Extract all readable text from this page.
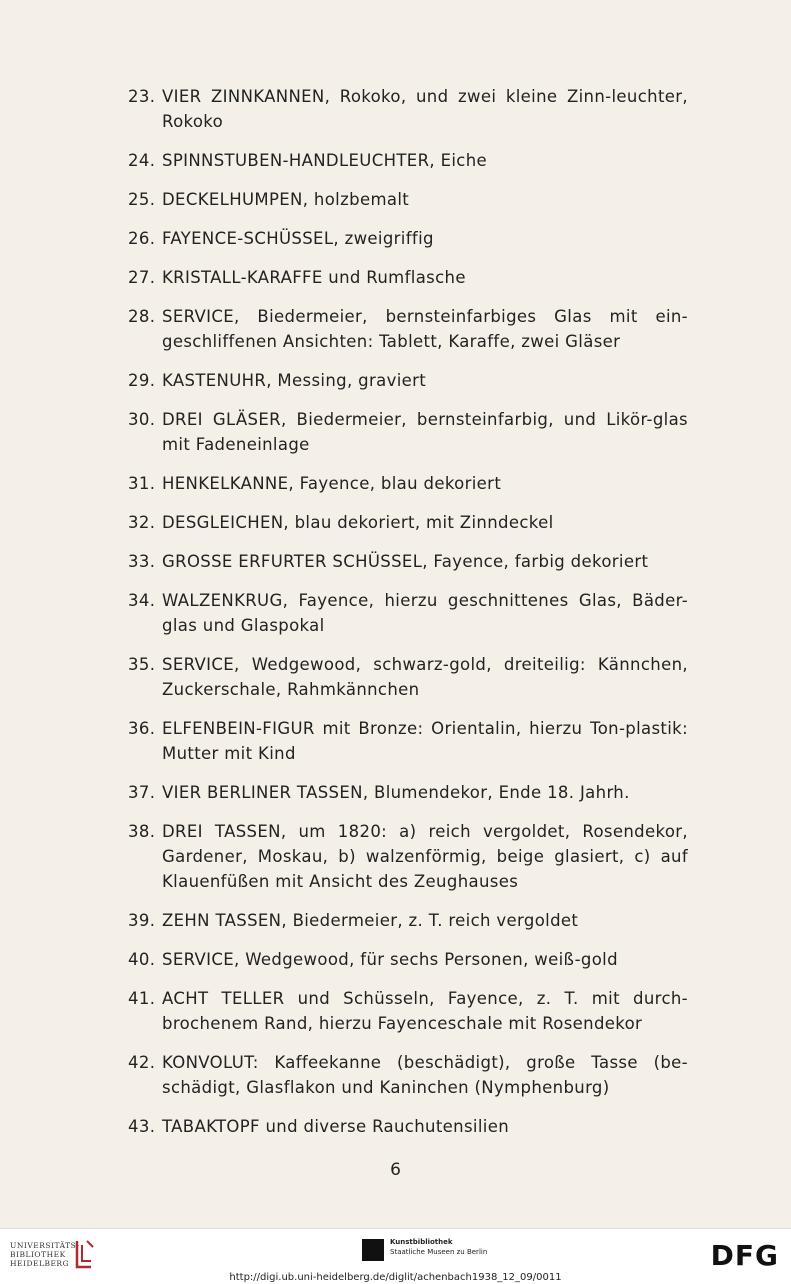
23. VIER ZINNKANNEN, Rokoko, und zwei kleine Zinn-leuchter, Rokoko
24. SPINNSTUBEN-HANDLEUCHTER, Eiche
25. DECKELHUMPEN, holzbemalt
26. FAYENCE-SCHÜSSEL, zweigriffig
27. KRISTALL-KARAFFE und Rumflasche
28. SERVICE, Biedermeier, bernsteinfarbiges Glas mit ein-geschliffenen Ansichten: Tablett, Karaffe, zwei Gläser
29. KASTENUHR, Messing, graviert
30. DREI GLÄSER, Biedermeier, bernsteinfarbig, und Likör-glas mit Fadeneinlage
31. HENKELKANNE, Fayence, blau dekoriert
32. DESGLEICHEN, blau dekoriert, mit Zinndeckel
33. GROSSE ERFURTER SCHÜSSEL, Fayence, farbig dekoriert
34. WALZENKRUG, Fayence, hierzu geschnittenes Glas, Bäder-glas und Glaspokal
35. SERVICE, Wedgewood, schwarz-gold, dreiteilig: Kännchen, Zuckerschale, Rahmkännchen
36. ELFENBEIN-FIGUR mit Bronze: Orientalin, hierzu Ton-plastik: Mutter mit Kind
37. VIER BERLINER TASSEN, Blumendekor, Ende 18. Jahrh.
38. DREI TASSEN, um 1820: a) reich vergoldet, Rosendekor, Gardener, Moskau, b) walzenförmig, beige glasiert, c) auf Klauenfüßen mit Ansicht des Zeughauses
39. ZEHN TASSEN, Biedermeier, z. T. reich vergoldet
40. SERVICE, Wedgewood, für sechs Personen, weiß-gold
41. ACHT TELLER und Schüsseln, Fayence, z. T. mit durch-brochenem Rand, hierzu Fayenceschale mit Rosendekor
42. KONVOLUT: Kaffeekanne (beschädigt), große Tasse (be-schädigt, Glasflakon und Kaninchen (Nymphenburg)
43. TABAKTOPF und diverse Rauchutensilien
6
UNIVERSITÄTS-
BIBLIOTHEK
HEIDELBERG
Kunstbibliothek
Staatliche Museen zu Berlin	DFG
http://digi.ub.uni-heidelberg.de/diglit/achenbach1938_12_09/0011
